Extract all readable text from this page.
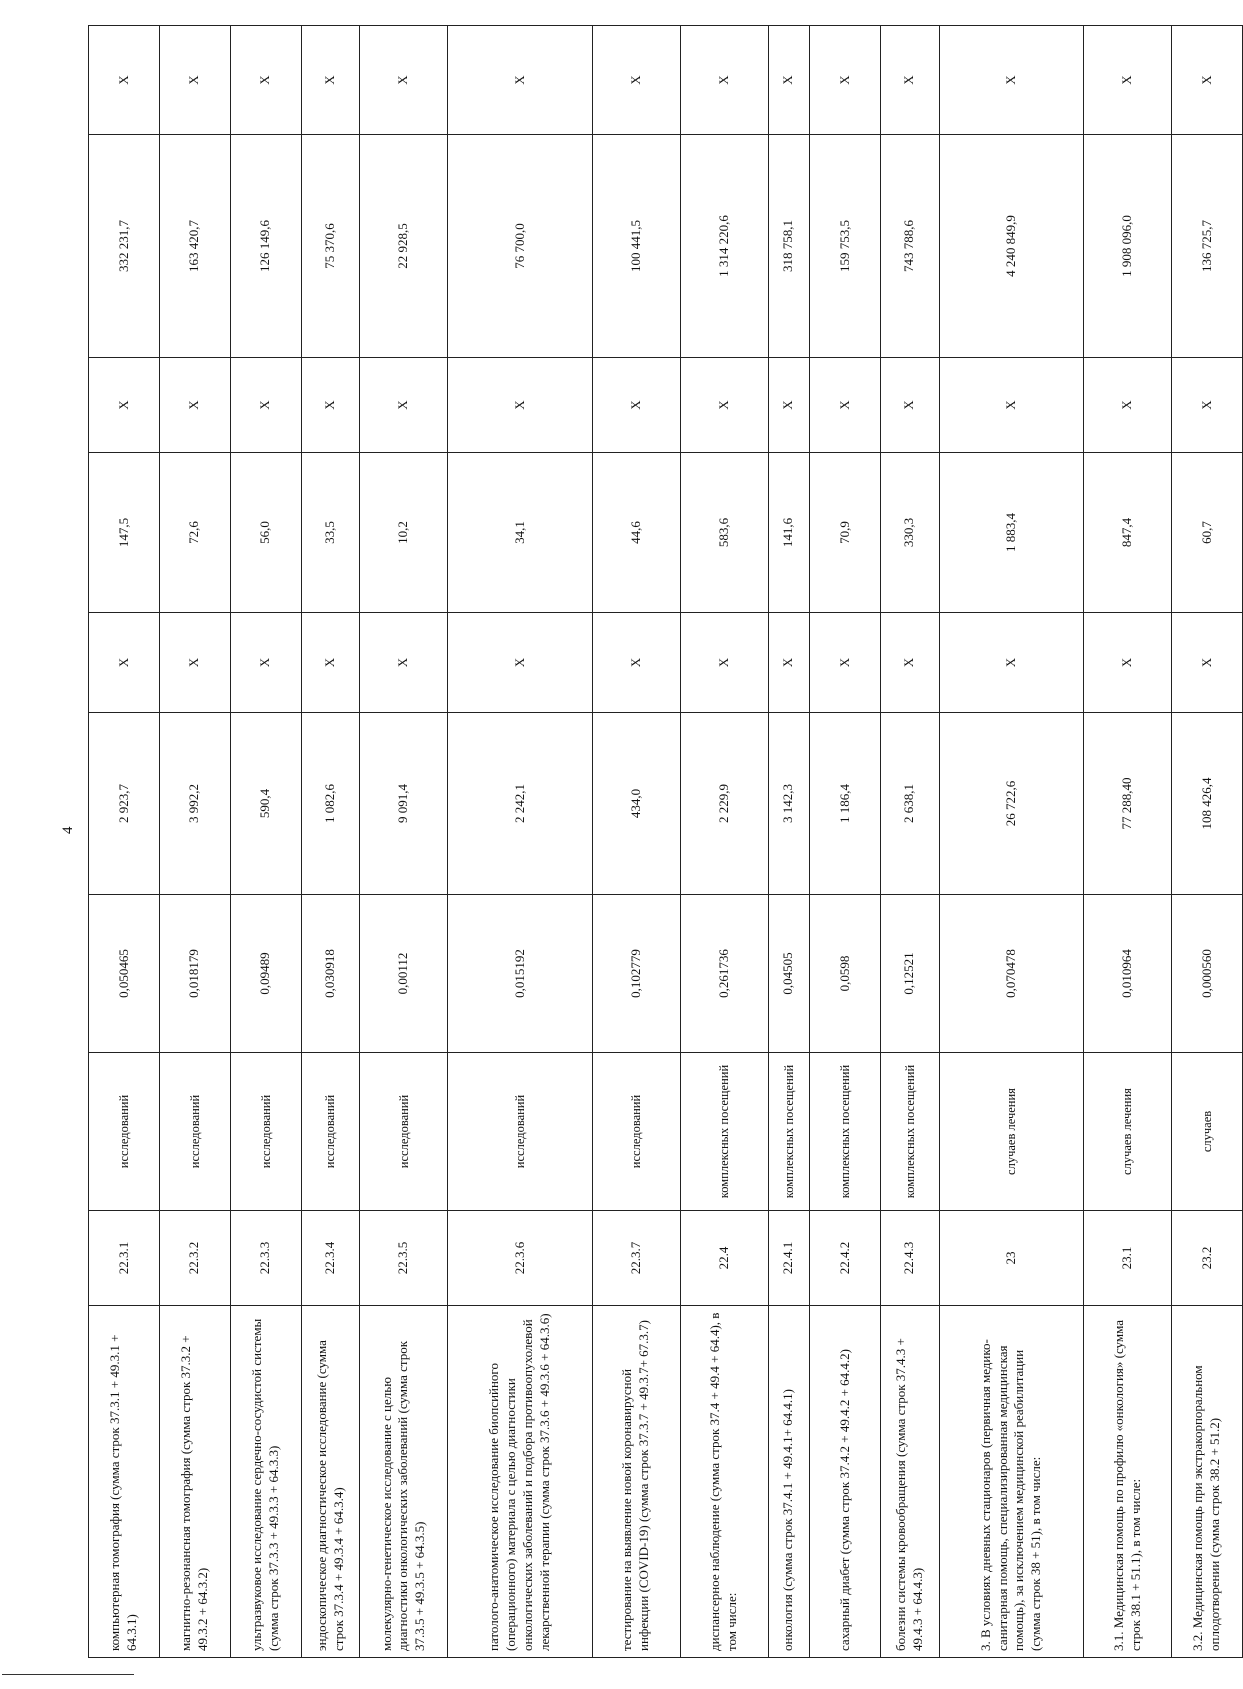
4
компьютерная томография (сумма строк 37.3.1 + 49.3.1 + 64.3.1)	22.3.1	исследований	0,050465	2 923,7	Х	147,5	Х	332 231,7	Х
магнитно-резонансная томография (сумма строк 37.3.2 + 49.3.2 + 64.3.2)	22.3.2	исследований	0,018179	3 992,2	Х	72,6	Х	163 420,7	Х
ультразвуковое исследование сердечно-сосудистой системы (сумма строк 37.3.3 + 49.3.3 + 64.3.3)	22.3.3	исследований	0,09489	590,4	Х	56,0	Х	126 149,6	Х
эндоскопическое диагностическое исследование (сумма строк 37.3.4 + 49.3.4 + 64.3.4)	22.3.4	исследований	0,030918	1 082,6	Х	33,5	Х	75 370,6	Х
молекулярно-генетическое исследование с целью диагностики онкологических заболеваний (сумма строк 37.3.5 + 49.3.5 + 64.3.5)	22.3.5	исследований	0,00112	9 091,4	Х	10,2	Х	22 928,5	Х
патолого-анатомическое исследование биопсийного (операционного) материала с целью диагностики онкологических заболеваний и подбора противоопухолевой лекарственной терапии (сумма строк 37.3.6 + 49.3.6 + 64.3.6)	22.3.6	исследований	0,015192	2 242,1	Х	34,1	Х	76 700,0	Х
тестирование на выявление новой коронавирусной инфекции (COVID-19) (сумма строк 37.3.7 + 49.3.7+ 67.3.7)	22.3.7	исследований	0,102779	434,0	Х	44,6	Х	100 441,5	Х
диспансерное наблюдение (сумма строк 37.4 + 49.4 + 64.4), в том числе:	22.4	комплексных посещений	0,261736	2 229,9	Х	583,6	Х	1 314 220,6	Х
онкология (сумма строк 37.4.1 + 49.4.1+ 64.4.1)	22.4.1	комплексных посещений	0,04505	3 142,3	Х	141,6	Х	318 758,1	Х
сахарный диабет (сумма строк 37.4.2 + 49.4.2 + 64.4.2)	22.4.2	комплексных посещений	0,0598	1 186,4	Х	70,9	Х	159 753,5	Х
болезни системы кровообращения (сумма строк 37.4.3 + 49.4.3 + 64.4.3)	22.4.3	комплексных посещений	0,12521	2 638,1	Х	330,3	Х	743 788,6	Х
3. В условиях дневных стационаров (первичная медико-санитарная помощь, специализированная медицинская помощь), за исключением медицинской реабилитации (сумма строк 38 + 51), в том числе:	23	случаев лечения	0,070478	26 722,6	Х	1 883,4	Х	4 240 849,9	Х
3.1. Медицинская помощь по профилю «онкология» (сумма строк 38.1 + 51.1), в том числе:	23.1	случаев лечения	0,010964	77 288,40	Х	847,4	Х	1 908 096,0	Х
3.2. Медицинская помощь при экстракорпоральном оплодотворении (сумма строк 38.2 + 51.2)	23.2	случаев	0,000560	108 426,4	Х	60,7	Х	136 725,7	Х
